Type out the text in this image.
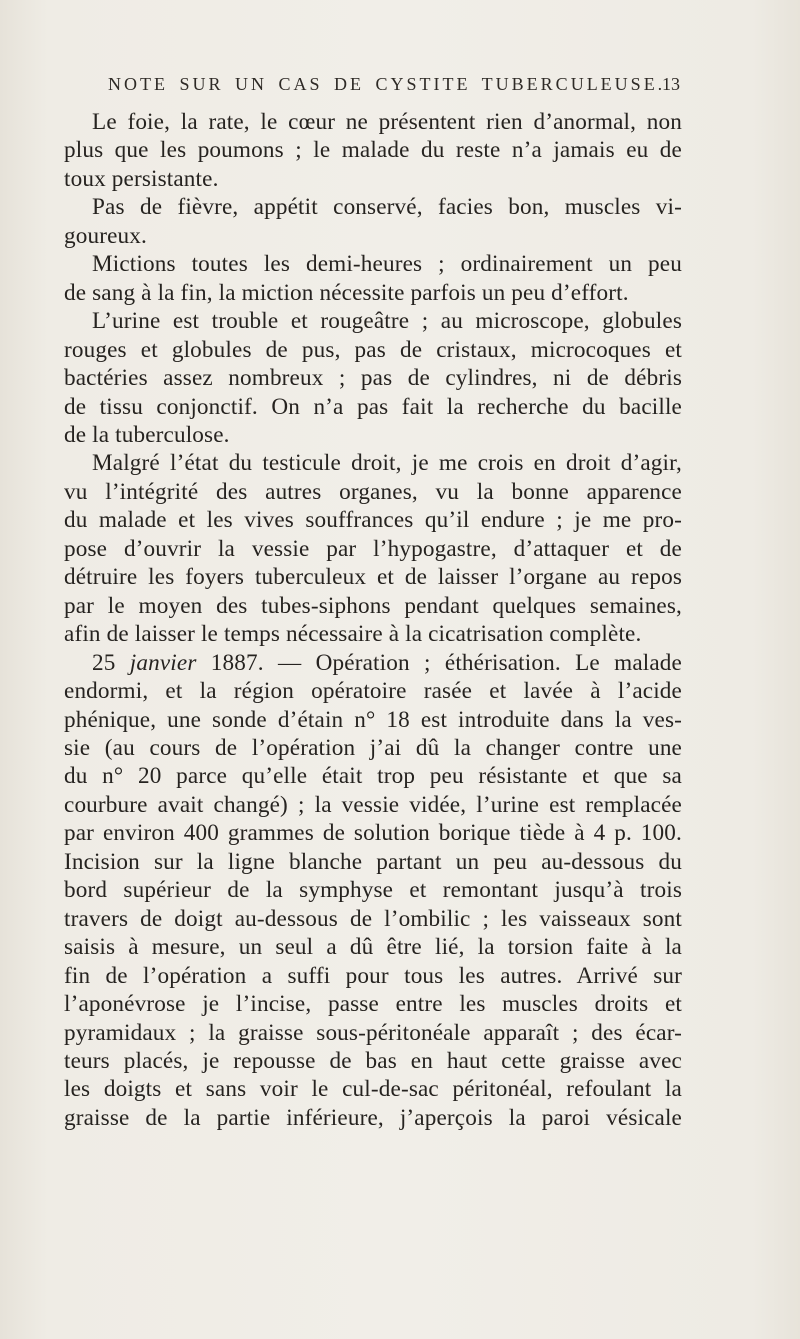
NOTE SUR UN CAS DE CYSTITE TUBERCULEUSE.
13
Le foie, la rate, le cœur ne présentent rien d’anormal, non
plus que les poumons ; le malade du reste n’a jamais eu de
toux persistante.
Pas de fièvre, appétit conservé, facies bon, muscles vi-
goureux.
Mictions toutes les demi-heures ; ordinairement un peu
de sang à la fin, la miction nécessite parfois un peu d’effort.
L’urine est trouble et rougeâtre ; au microscope, globules
rouges et globules de pus, pas de cristaux, microcoques et
bactéries assez nombreux ; pas de cylindres, ni de débris
de tissu conjonctif. On n’a pas fait la recherche du bacille
de la tuberculose.
Malgré l’état du testicule droit, je me crois en droit d’agir,
vu l’intégrité des autres organes, vu la bonne apparence
du malade et les vives souffrances qu’il endure ; je me pro-
pose d’ouvrir la vessie par l’hypogastre, d’attaquer et de
détruire les foyers tuberculeux et de laisser l’organe au repos
par le moyen des tubes-siphons pendant quelques semaines,
afin de laisser le temps nécessaire à la cicatrisation complète.
25 janvier 1887. — Opération ; éthérisation. Le malade
endormi, et la région opératoire rasée et lavée à l’acide
phénique, une sonde d’étain n° 18 est introduite dans la ves-
sie (au cours de l’opération j’ai dû la changer contre une
du n° 20 parce qu’elle était trop peu résistante et que sa
courbure avait changé) ; la vessie vidée, l’urine est remplacée
par environ 400 grammes de solution borique tiède à 4 p. 100.
Incision sur la ligne blanche partant un peu au-dessous du
bord supérieur de la symphyse et remontant jusqu’à trois
travers de doigt au-dessous de l’ombilic ; les vaisseaux sont
saisis à mesure, un seul a dû être lié, la torsion faite à la
fin de l’opération a suffi pour tous les autres. Arrivé sur
l’aponévrose je l’incise, passe entre les muscles droits et
pyramidaux ; la graisse sous-péritonéale apparaît ; des écar-
teurs placés, je repousse de bas en haut cette graisse avec
les doigts et sans voir le cul-de-sac péritonéal, refoulant la
graisse de la partie inférieure, j’aperçois la paroi vésicale
